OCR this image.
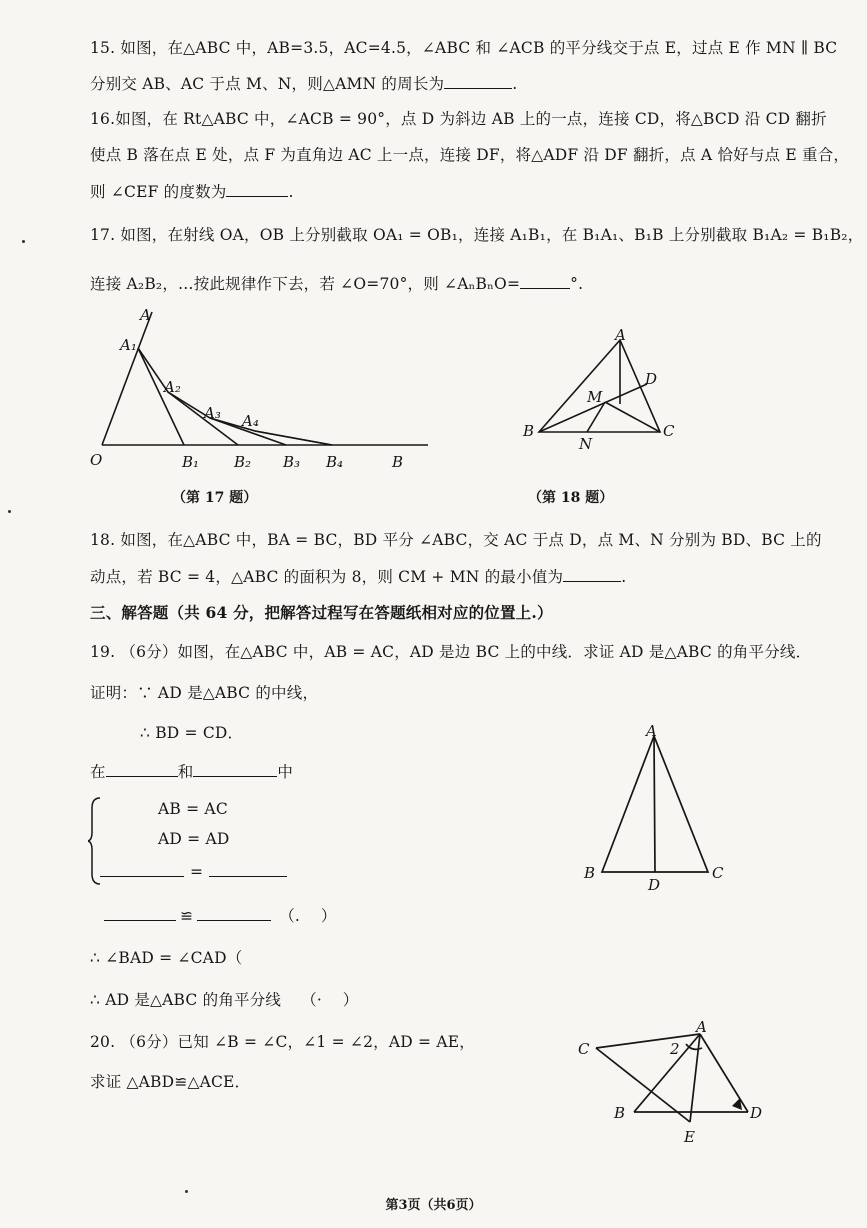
15. 如图，在△ABC 中，AB=3.5，AC=4.5，∠ABC 和 ∠ACB 的平分线交于点 E，过点 E 作 MN ∥ BC
分别交 AB、AC 于点 M、N，则△AMN 的周长为	.
16.如图，在 Rt△ABC 中，∠ACB = 90°，点 D 为斜边 AB 上的一点，连接 CD，将△BCD 沿 CD 翻折
使点 B 落在点 E 处，点 F 为直角边 AC 上一点，连接 DF，将△ADF 沿 DF 翻折，点 A 恰好与点 E 重合，
则 ∠CEF 的度数为	.
17. 如图，在射线 OA，OB 上分别截取 OA₁ = OB₁，连接 A₁B₁，在 B₁A₁、B₁B 上分别截取 B₁A₂ = B₁B₂，
连接 A₂B₂，…按此规律作下去，若 ∠O=70°，则 ∠AₙBₙO=	°.
A
A₁
A₂
A₃ A₄
O	B₁ B₂ B₃ B₄	B
（第 17 题）
A
B	C
D
M
N
（第 18 题）
18. 如图，在△ABC 中，BA = BC，BD 平分 ∠ABC，交 AC 于点 D，点 M、N 分别为 BD、BC 上的
动点，若 BC = 4，△ABC 的面积为 8，则 CM + MN 的最小值为	.
三、解答题（共 64 分，把解答过程写在答题纸相对应的位置上.）
19. （6分）如图，在△ABC 中，AB = AC，AD 是边 BC 上的中线．求证 AD 是△ABC 的角平分线．
证明：∵ AD 是△ABC 的中线，
∴ BD = CD．
在	和	中
AB = AC
AD = AD
=
≌	（.　 ）
∴ ∠BAD = ∠CAD（
∴ AD 是△ABC 的角平分线 （·　 ）
A
B	C
D
20. （6分）已知 ∠B = ∠C，∠1 = ∠2，AD = AE，
求证 △ABD≌△ACE．
A
B
C
D
E
2
第3页（共6页）
